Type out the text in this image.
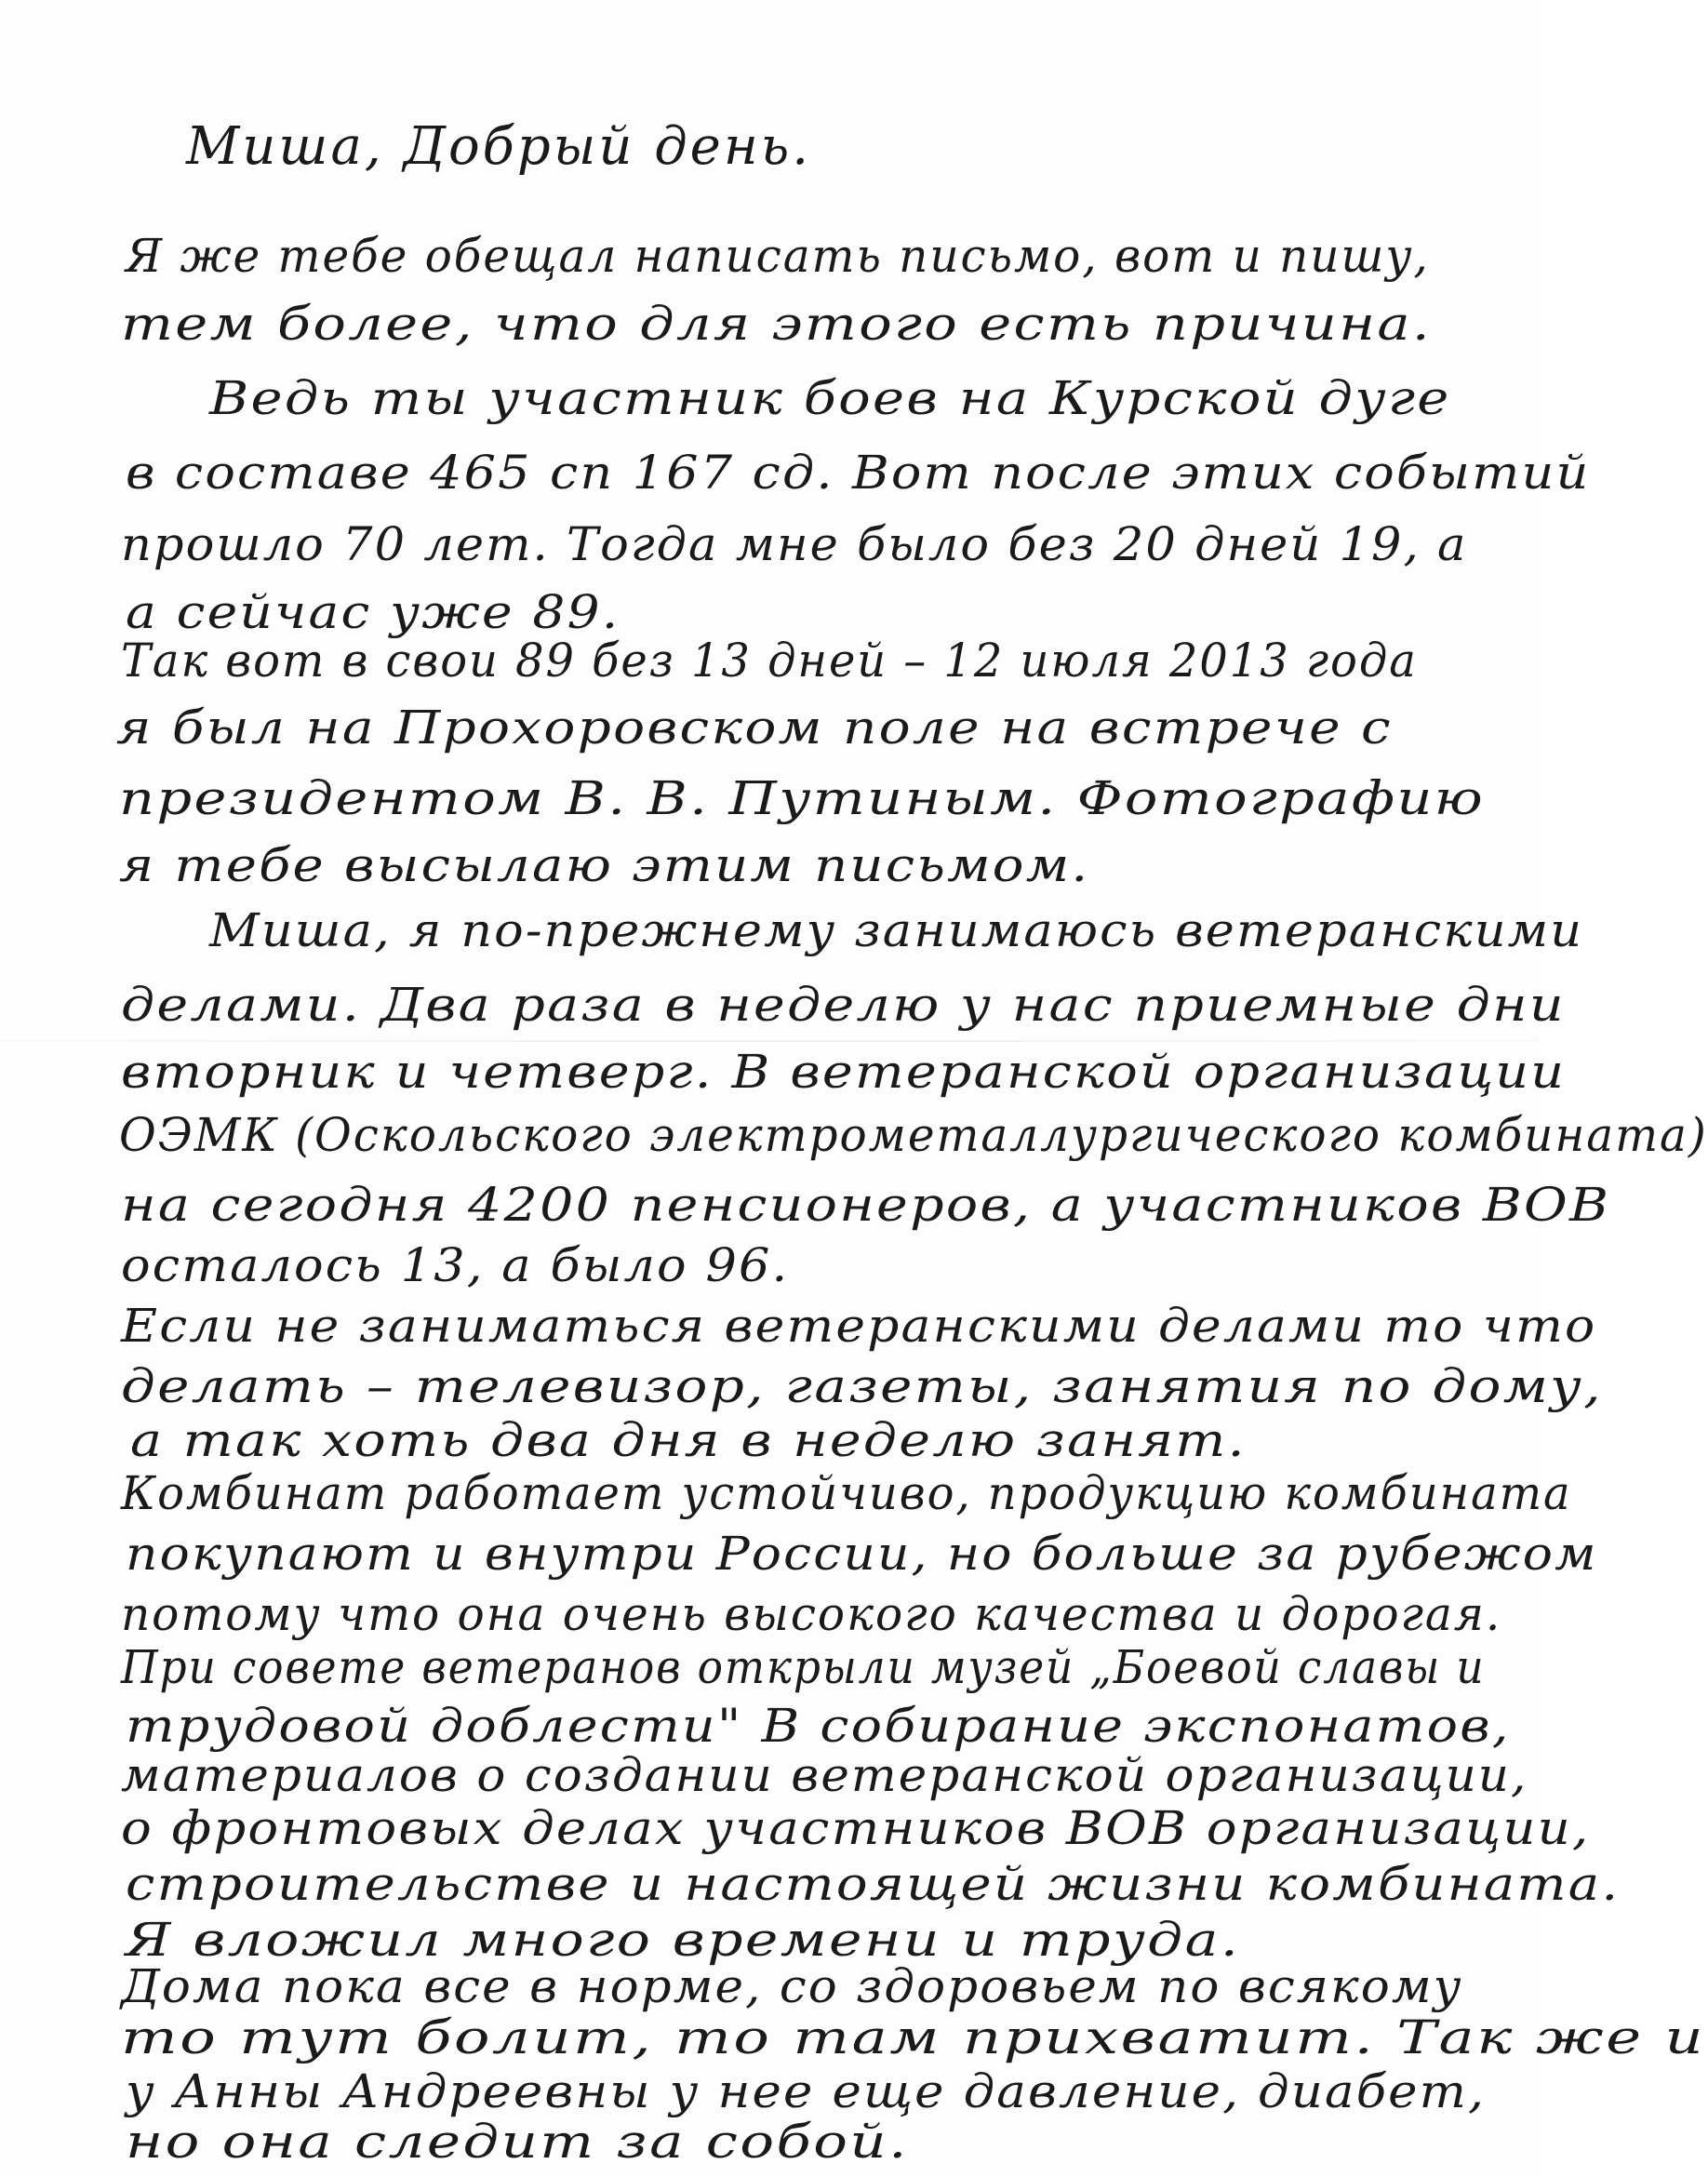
Миша, Добрый день.
Я же тебе обещал написать письмо, вот и пишу,
тем более, что для этого есть причина.
Ведь ты участник боев на Курской дуге
в составе 465 сп 167 сд. Вот после этих событий
прошло 70 лет. Тогда мне было без 20 дней 19, а
а сейчас уже 89.
Так вот в свои 89 без 13 дней – 12 июля 2013 года
я был на Прохоровском поле на встрече с
президентом В. В. Путиным. Фотографию
я тебе высылаю этим письмом.
Миша, я по-прежнему занимаюсь ветеранскими
делами. Два раза в неделю у нас приемные дни
вторник и четверг. В ветеранской организации
ОЭМК (Оскольского электрометаллургического комбината)
на сегодня 4200 пенсионеров, а участников ВОВ
осталось 13, а было 96.
Если не заниматься ветеранскими делами то что
делать – телевизор, газеты, занятия по дому,
а так хоть два дня в неделю занят.
Комбинат работает устойчиво, продукцию комбината
покупают и внутри России, но больше за рубежом
потому что она очень высокого качества и дорогая.
При совете ветеранов открыли музей „Боевой славы и
трудовой доблести" В собирание экспонатов,
материалов о создании ветеранской организации,
о фронтовых делах участников ВОВ организации,
строительстве и настоящей жизни комбината.
Я вложил много времени и труда.
Дома пока все в норме, со здоровьем по всякому
то тут болит, то там прихватит. Так же и
у Анны Андреевны у нее еще давление, диабет,
но она следит за собой.
